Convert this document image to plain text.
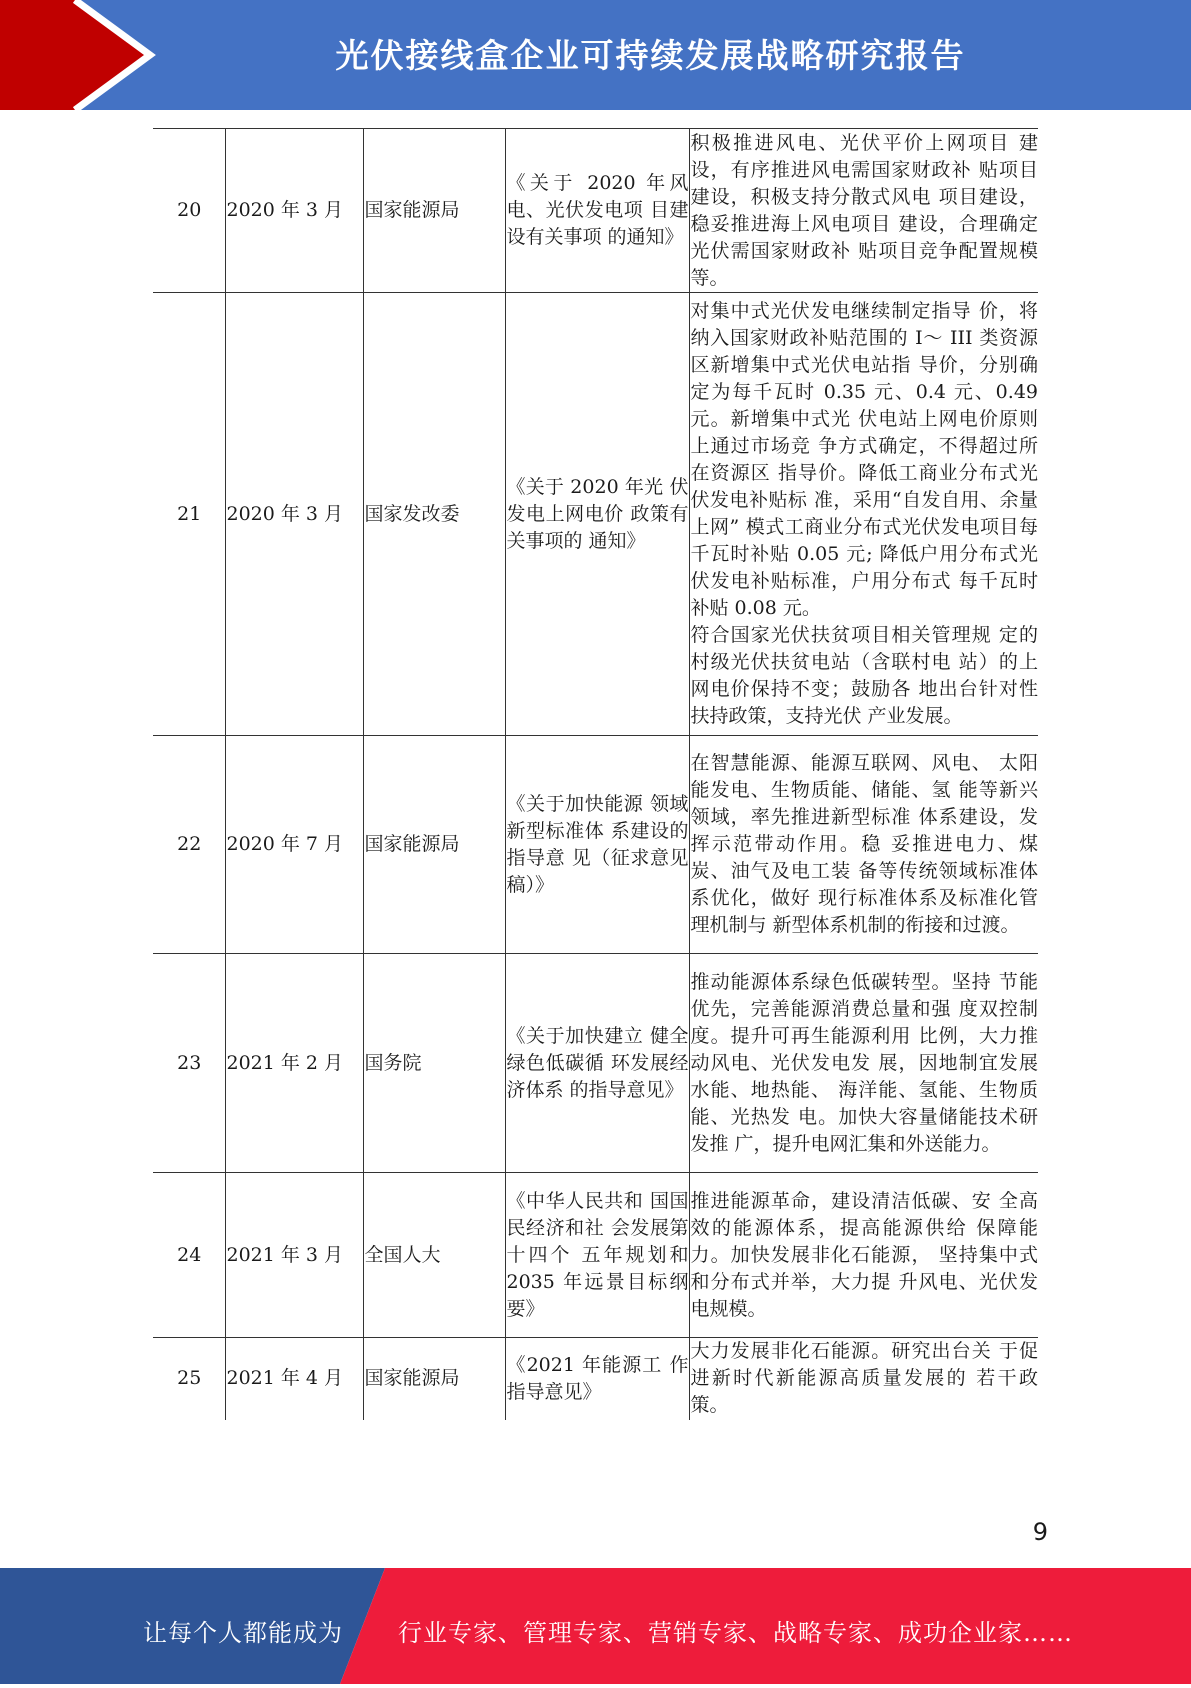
光伏接线盒企业可持续发展战略研究报告
20	2020 年 3 月	国家能源局	《关于 2020 年风电、光伏发电项 目建设有关事项 的通知》	积极推进风电、光伏平价上网项目 建设，有序推进风电需国家财政补 贴项目建设，积极支持分散式风电 项目建设，稳妥推进海上风电项目 建设，合理确定光伏需国家财政补 贴项目竞争配置规模等。
21	2020 年 3 月	国家发改委	《关于 2020 年光 伏发电上网电价 政策有关事项的 通知》	对集中式光伏发电继续制定指导 价，将纳入国家财政补贴范围的 I～ III 类资源区新增集中式光伏电站指 导价，分别确定为每千瓦时 0.35 元、0.4 元、0.49 元。新增集中式光 伏电站上网电价原则上通过市场竞 争方式确定，不得超过所在资源区 指导价。降低工商业分布式光伏发电补贴标 准，采用“自发自用、余量上网” 模式工商业分布式光伏发电项目每 千瓦时补贴 0.05 元; 降低户用分布式光伏发电补贴标准，户用分布式 每千瓦时补贴 0.08 元。
符合国家光伏扶贫项目相关管理规 定的村级光伏扶贫电站（含联村电 站）的上网电价保持不变；鼓励各 地出台针对性扶持政策，支持光伏 产业发展。

22	2020 年 7 月	国家能源局	《关于加快能源 领域新型标准体 系建设的指导意 见（征求意见 稿）》	在智慧能源、能源互联网、风电、 太阳能发电、生物质能、储能、氢 能等新兴领域，率先推进新型标准 体系建设，发挥示范带动作用。稳 妥推进电力、煤炭、油气及电工装 备等传统领域标准体系优化，做好 现行标准体系及标准化管理机制与 新型体系机制的衔接和过渡。
23	2021 年 2 月	国务院	《关于加快建立 健全绿色低碳循 环发展经济体系 的指导意见》	推动能源体系绿色低碳转型。坚持 节能优先，完善能源消费总量和强 度双控制度。提升可再生能源利用 比例，大力推动风电、光伏发电发 展，因地制宜发展水能、地热能、 海洋能、氢能、生物质能、光热发 电。加快大容量储能技术研发推 广，提升电网汇集和外送能力。
24	2021 年 3 月	全国人大	《中华人民共和 国国民经济和社 会发展第十四个 五年规划和 2035 年远景目标纲 要》	推进能源革命，建设清洁低碳、安 全高效的能源体系，提高能源供给 保障能力。加快发展非化石能源， 坚持集中式和分布式并举，大力提 升风电、光伏发电规模。
25	2021 年 4 月	国家能源局	《2021 年能源工 作指导意见》	大力发展非化石能源。研究出台关 于促进新时代新能源高质量发展的 若干政策。
9
让每个人都能成为 行业专家、管理专家、营销专家、战略专家、成功企业家……
